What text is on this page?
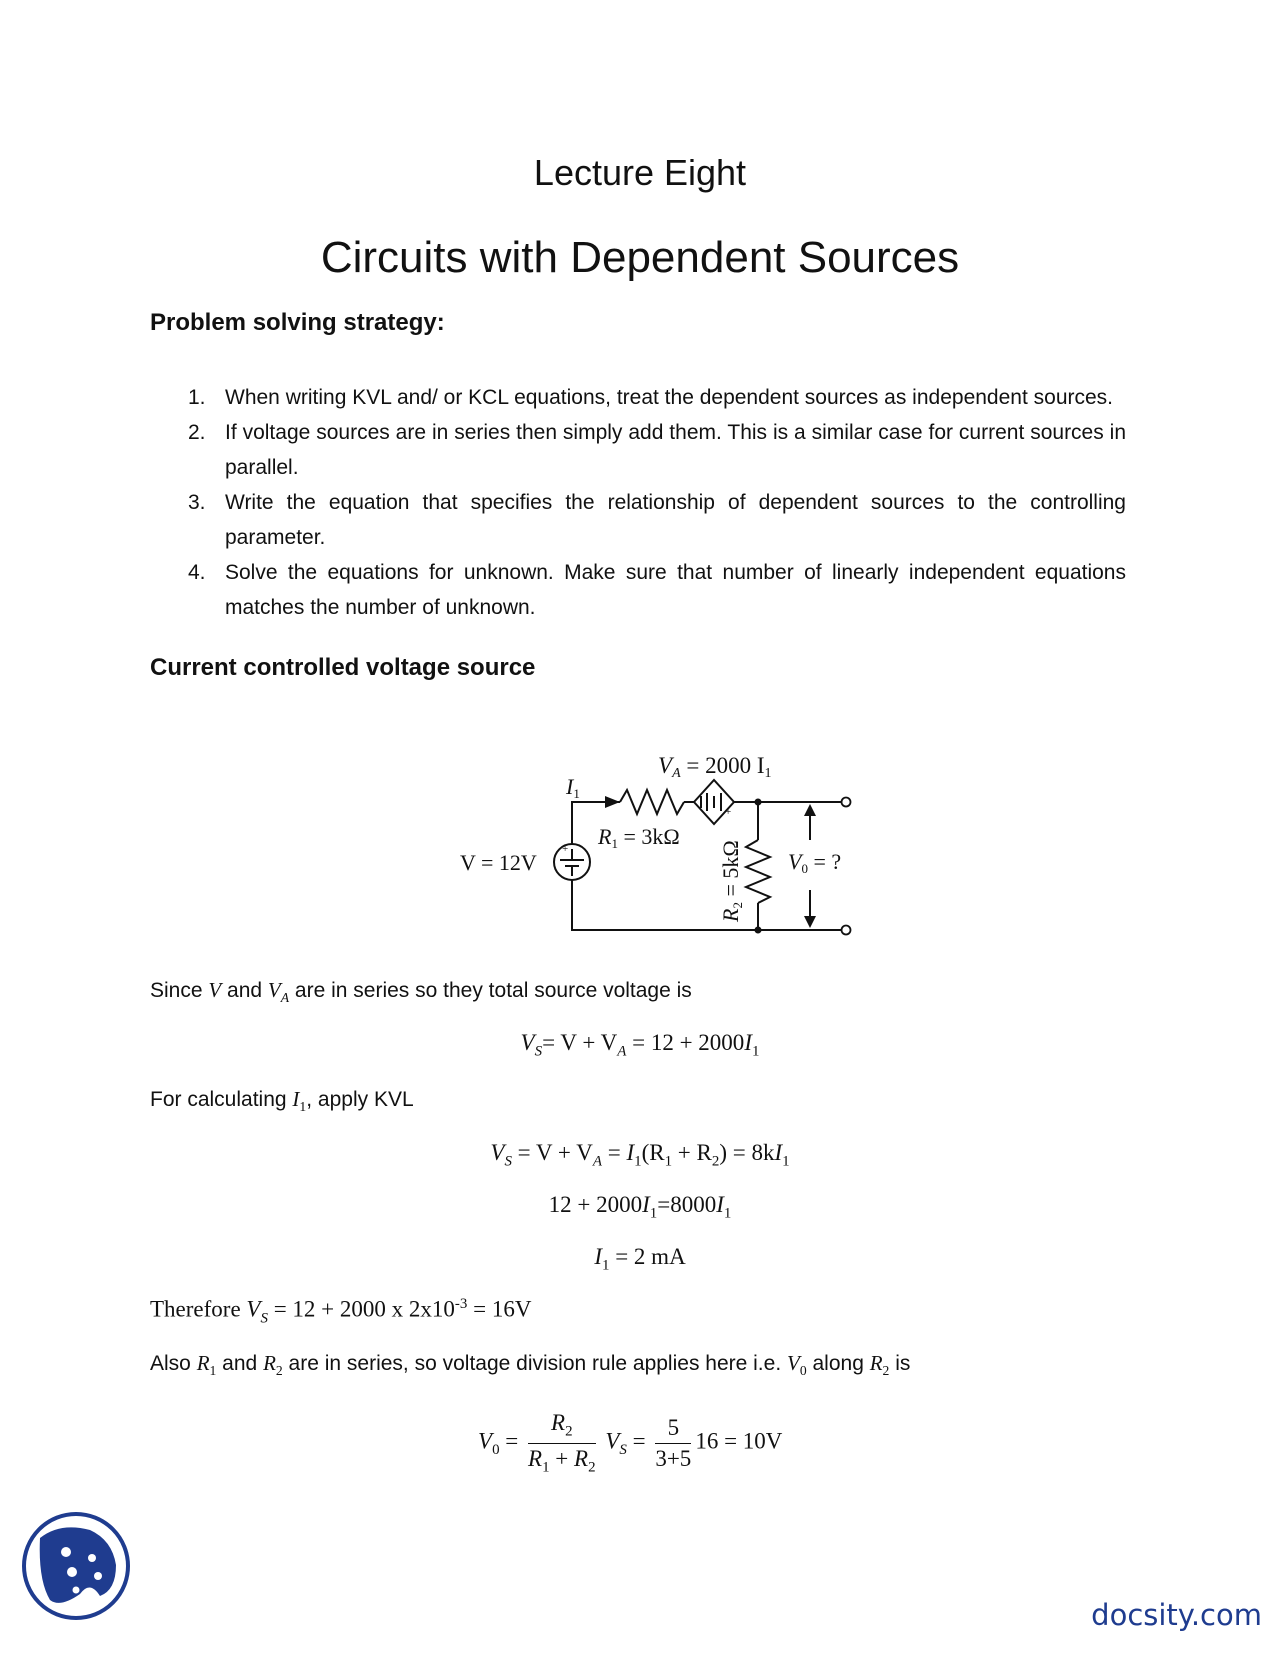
Lecture Eight
Circuits with Dependent Sources
Problem solving strategy:
1. When writing KVL and/ or KCL equations, treat the dependent sources as independent sources.
2. If voltage sources are in series then simply add them. This is a similar case for current sources in parallel.
3. Write the equation that specifies the relationship of dependent sources to the controlling parameter.
4. Solve the equations for unknown. Make sure that number of linearly independent equations matches the number of unknown.
Current controlled voltage source
+
+
VA = 2000 I1
I1
R1 = 3kΩ
V = 12V
R2 = 5kΩ V0 = ?
Since V and $V_A$ are in series so they total source voltage is
$V_S= V + V_A = 12 + 2000I_1$
For calculating $I_1$, apply KVL
$V_S = V + V_A = I_1(R_1 + R_2) = 8kI_1$
$12 + 2000I_1=8000I_1$
$I_1 = 2$ mA
Therefore $V_S = 12 + 2000$ x $2x10^{-3} = 16V$
Also $R_1$ and $R_2$ are in series, so voltage division rule applies here i.e. $V_0$ along $R_2$ is
$V_0 = \frac{R_2}{R_1 + R_2} V_S = \frac{5}{3+5} 16 = 10V$
docsity.com
